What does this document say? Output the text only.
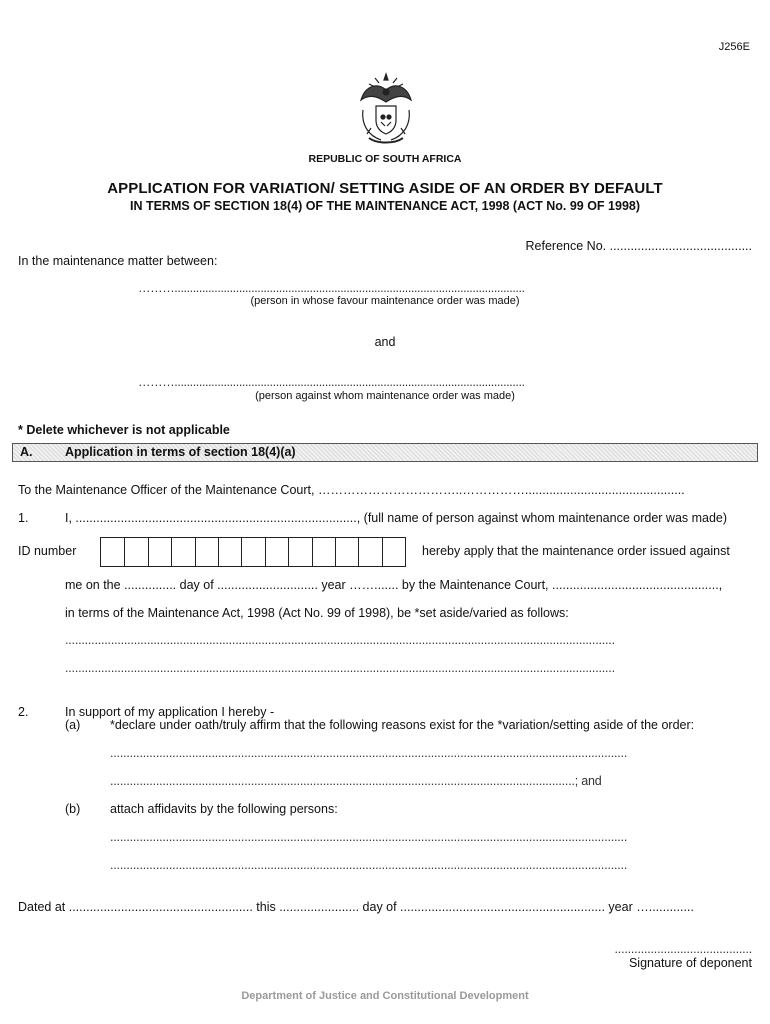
J256E
REPUBLIC OF SOUTH AFRICA
APPLICATION FOR VARIATION/ SETTING ASIDE OF AN ORDER BY DEFAULT
IN TERMS OF SECTION 18(4) OF THE MAINTENANCE ACT, 1998 (ACT No. 99 OF 1998)
Reference No. .........................................
In the maintenance matter between:
………..................................................................................................................
(person in whose favour maintenance order was made)
and
………..................................................................................................................
(person against whom maintenance order was made)
* Delete whichever is not applicable
A.	Application in terms of section 18(4)(a)
To the Maintenance Officer of the Maintenance Court, ……………………………..……………..............................................
1.	I, ................................................................................., (full name of person against whom maintenance order was made)
ID number	hereby apply that the maintenance order issued against
me on the ............... day of ............................. year ……....... by the Maintenance Court, ................................................,
in terms of the Maintenance Act, 1998 (Act No. 99 of 1998), be *set aside/varied as follows:
........................................................................................................................................................................
........................................................................................................................................................................
2.	In support of my application I hereby -
(a) *declare under oath/truly affirm that the following reasons exist for the *variation/setting aside of the order:
..............................................................................................................................................................
..............................................................................................................................................; and
(b) attach affidavits by the following persons:
..............................................................................................................................................................
..............................................................................................................................................................
Dated at ..................................................... this ....................... day of ........................................................... year ….............
..........................................
Signature of deponent
Department of Justice and Constitutional Development
